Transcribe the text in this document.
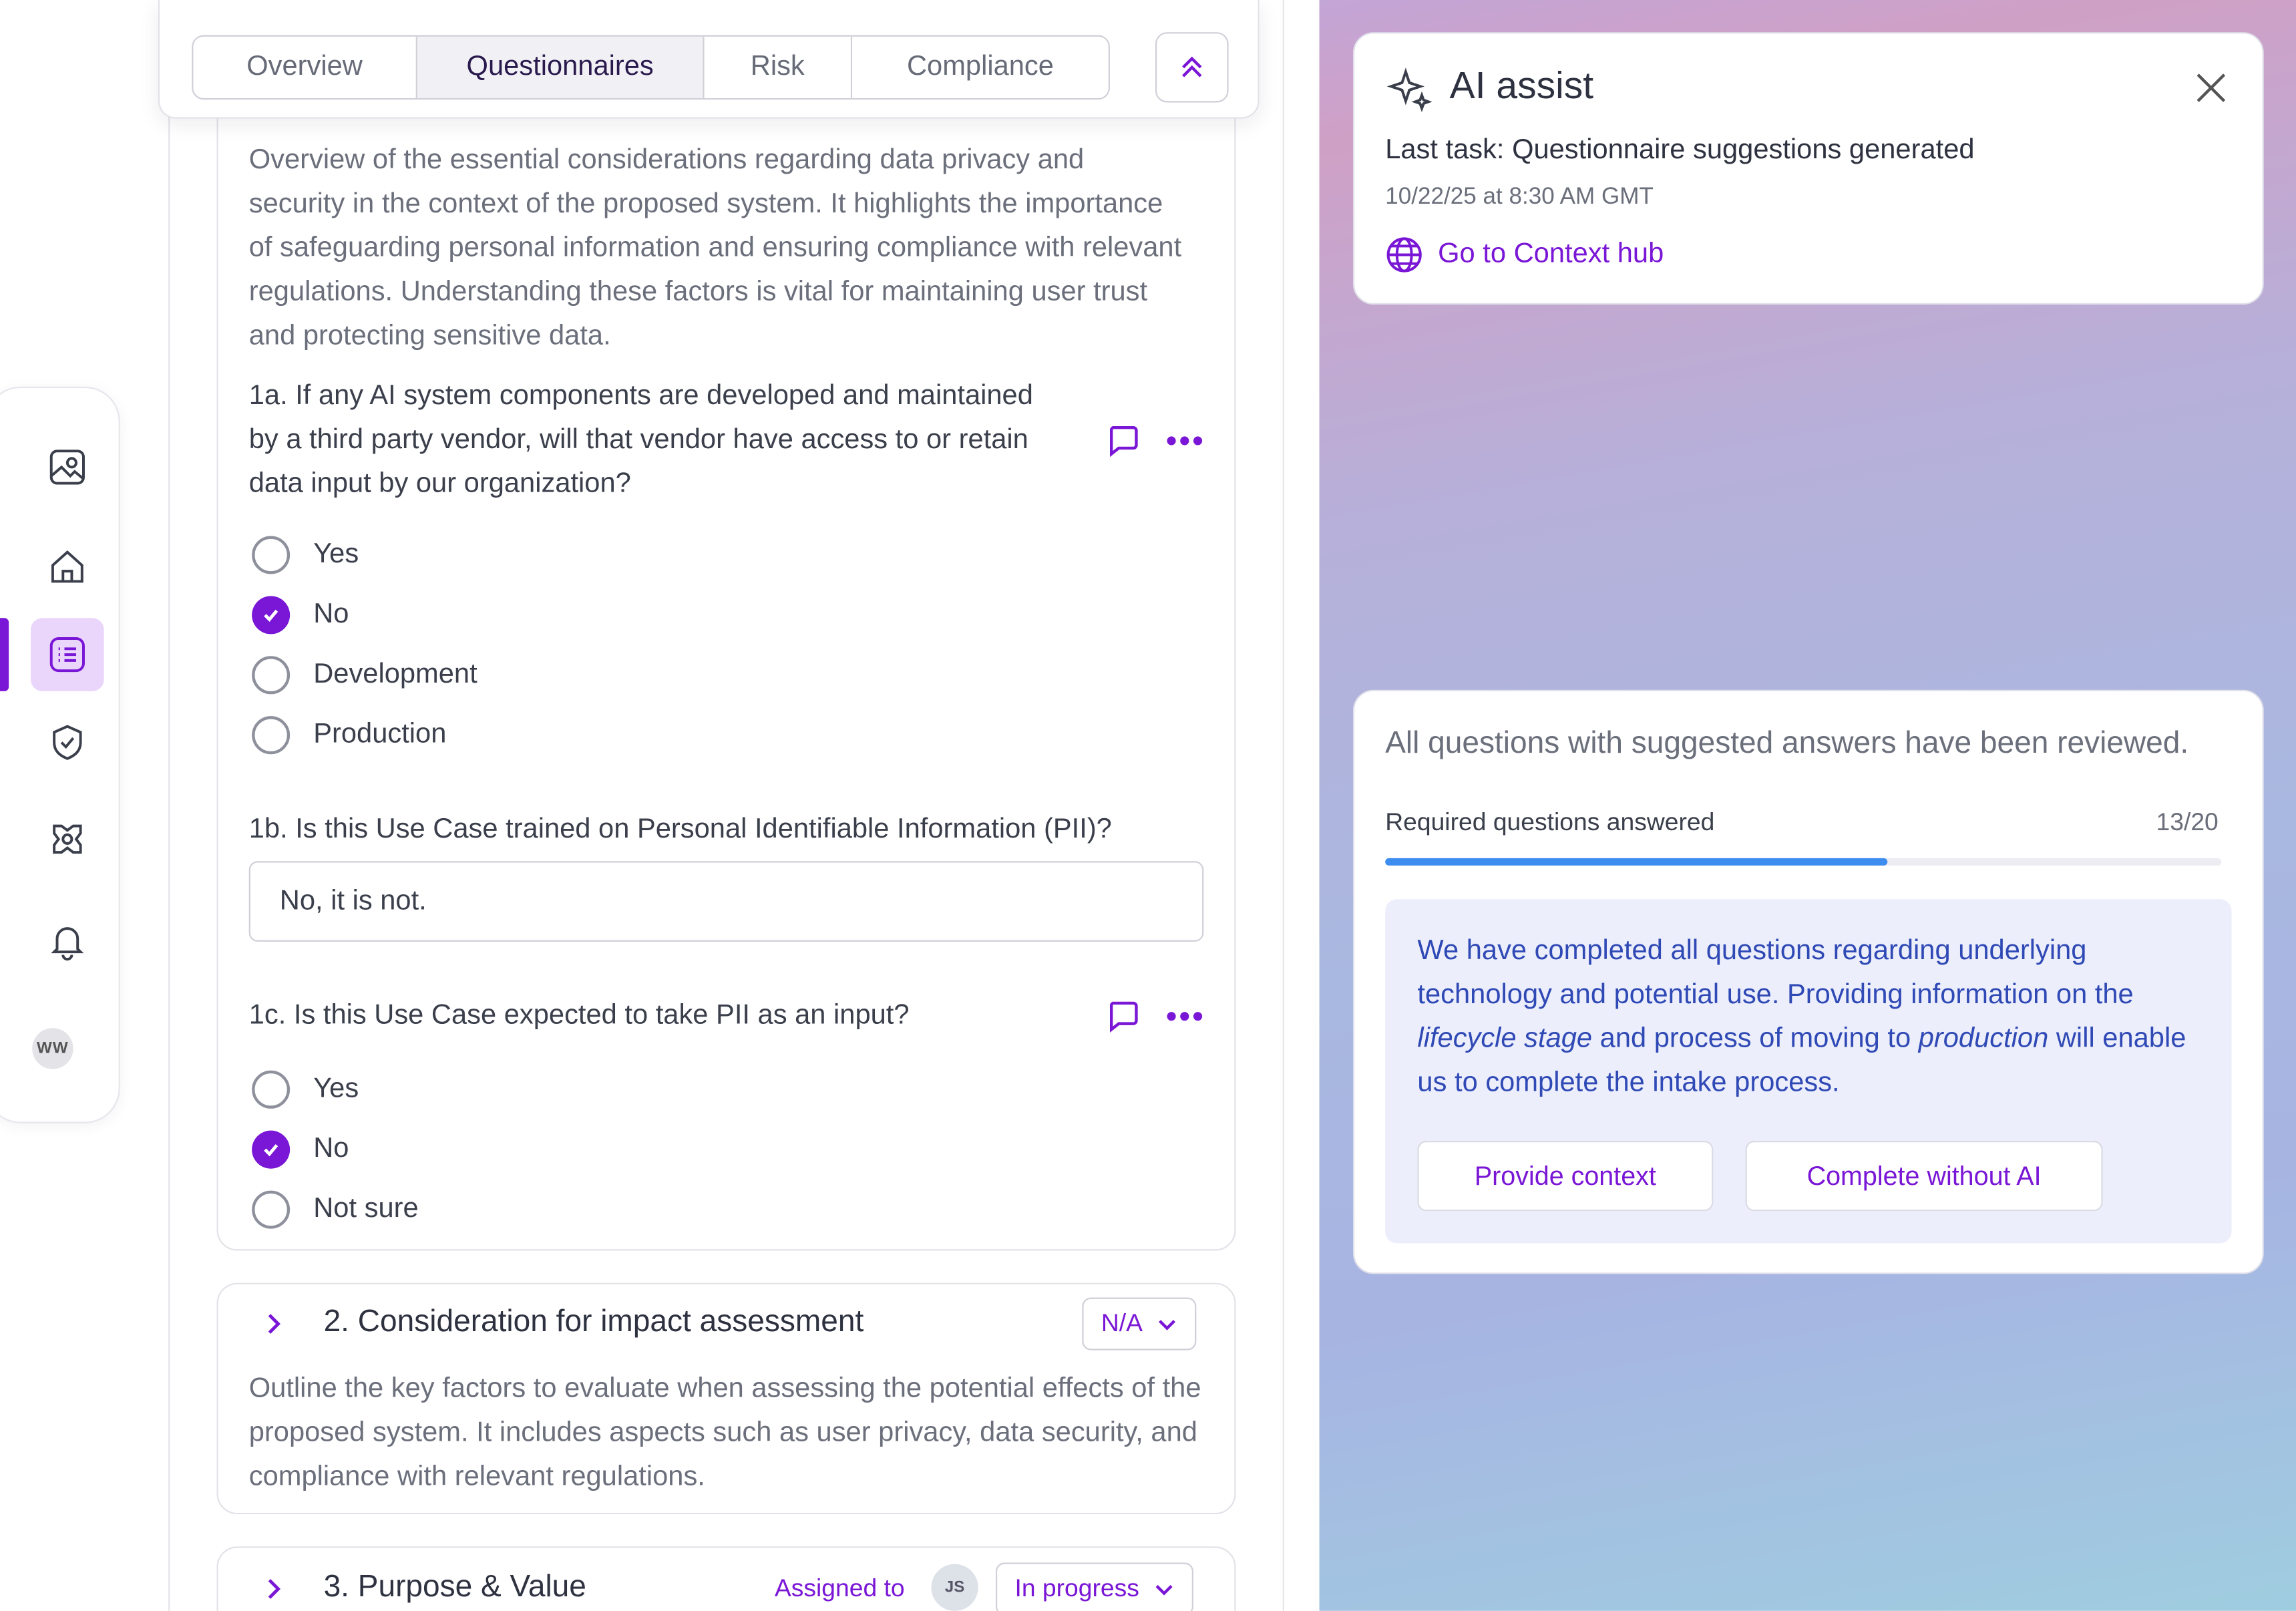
WW
Overview of the essential considerations regarding data privacy and security in the context of the proposed system. It highlights the importance of safeguarding personal information and ensuring compliance with relevant regulations. Understanding these factors is vital for maintaining user trust and protecting sensitive data.
1a. If any AI system components are developed and maintained by a third party vendor, will that vendor have access to or retain data input by our organization?
Yes
No
Development
Production
1b. Is this Use Case trained on Personal Identifiable Information (PII)?
No, it is not.
1c. Is this Use Case expected to take PII as an input?
Yes
No
Not sure
2. Consideration for impact assessment	N/A
Outline the key factors to evaluate when assessing the potential effects of the proposed system. It includes aspects such as user privacy, data security, and compliance with relevant regulations.
3. Purpose & Value	Assigned to	JS	In progress
Overview	Questionnaires	Risk	Compliance	AI assist
Last task: Questionnaire suggestions generated
10/22/25 at 8:30 AM GMT
Go to Context hub
All questions with suggested answers have been reviewed.
Required questions answered	13/20
We have completed all questions regarding underlying technology and potential use. Providing information on the lifecycle stage and process of moving to production will enable us to complete the intake process.
Provide context	Complete without AI
